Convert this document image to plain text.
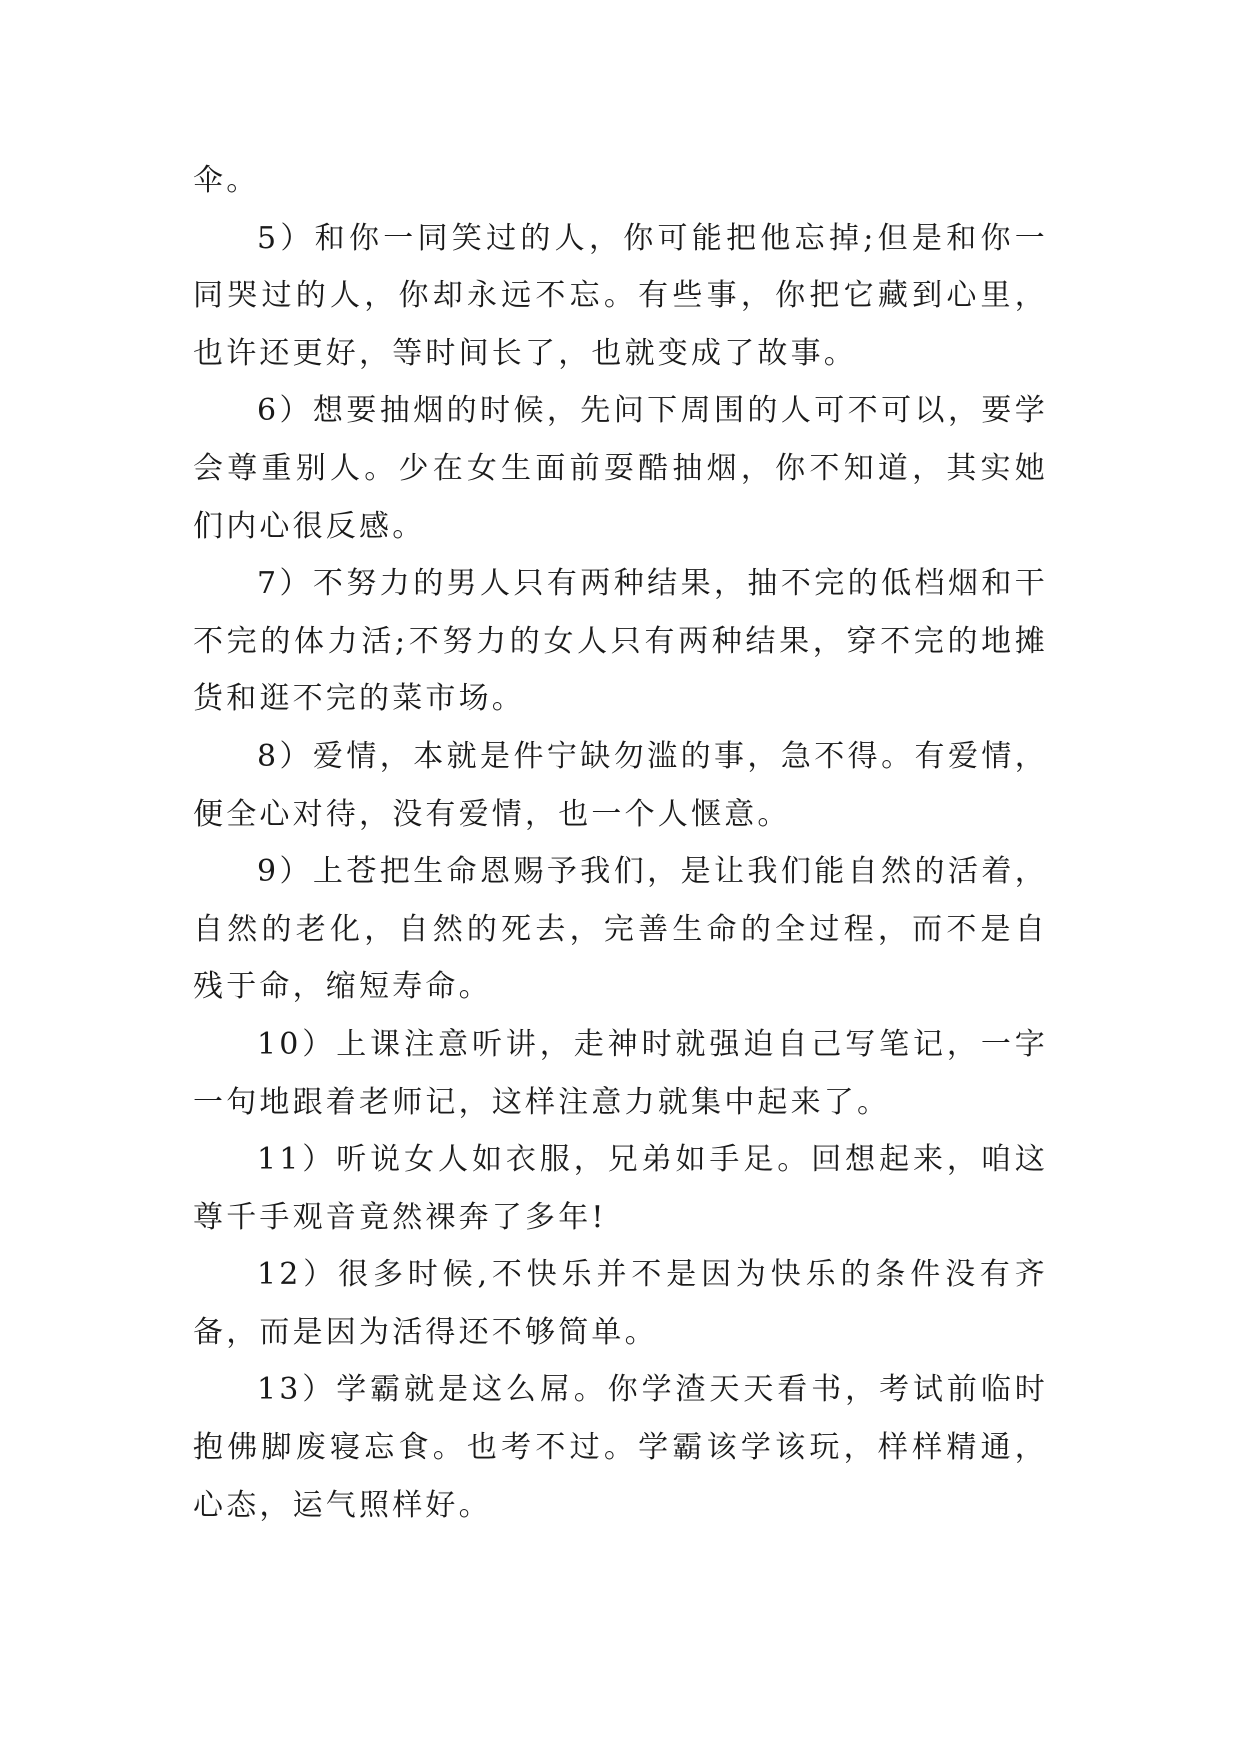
伞。

5）和你一同笑过的人，你可能把他忘掉;但是和你一同哭过的人，你却永远不忘。有些事，你把它藏到心里，也许还更好，等时间长了，也就变成了故事。

6）想要抽烟的时候，先问下周围的人可不可以，要学会尊重别人。少在女生面前耍酷抽烟，你不知道，其实她们内心很反感。

7）不努力的男人只有两种结果，抽不完的低档烟和干不完的体力活;不努力的女人只有两种结果，穿不完的地摊货和逛不完的菜市场。

8）爱情，本就是件宁缺勿滥的事，急不得。有爱情，便全心对待，没有爱情，也一个人惬意。

9）上苍把生命恩赐予我们，是让我们能自然的活着，自然的老化，自然的死去，完善生命的全过程，而不是自残于命，缩短寿命。

10）上课注意听讲，走神时就强迫自己写笔记，一字一句地跟着老师记，这样注意力就集中起来了。

11）听说女人如衣服，兄弟如手足。回想起来，咱这尊千手观音竟然裸奔了多年!

12）很多时候,不快乐并不是因为快乐的条件没有齐备，而是因为活得还不够简单。

13）学霸就是这么屌。你学渣天天看书，考试前临时抱佛脚废寝忘食。也考不过。学霸该学该玩，样样精通，心态，运气照样好。
